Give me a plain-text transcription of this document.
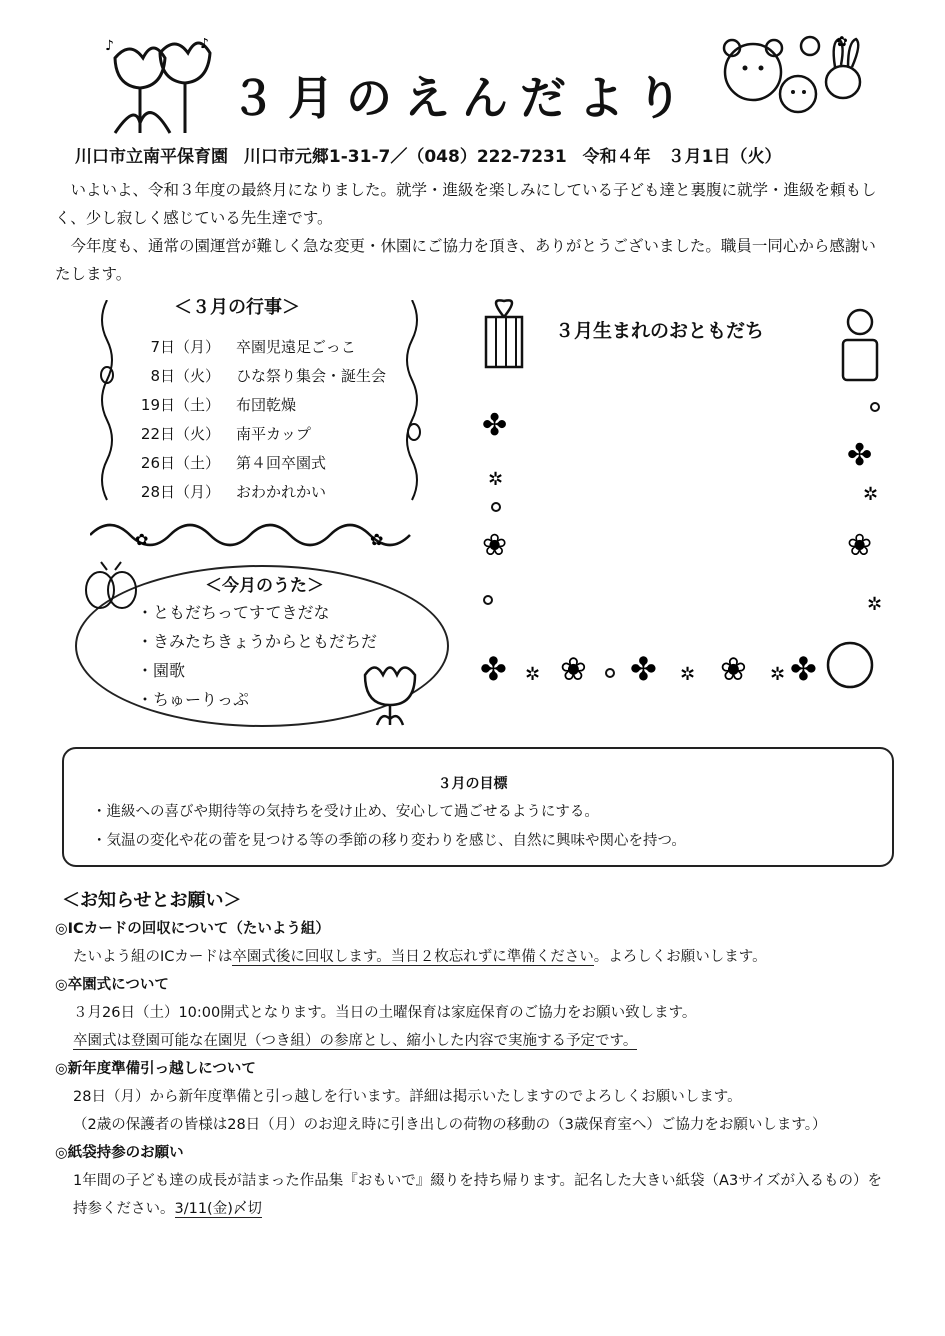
♪	♪	✿
３月のえんだより
川口市立南平保育園 川口市元郷1-31-7／（048）222-7231 令和４年　３月1日（火）

　いよいよ、令和３年度の最終月になりました。就学・進級を楽しみにしている子ども達と裏腹に就学・進級を頼もしく、少し寂しく感じている先生達です。

　今年度も、通常の園運営が難しく急な変更・休園にご協力を頂き、ありがとうございました。職員一同心から感謝いたします。

＜３月の行事＞
7日（月）	卒園児遠足ごっこ
8日（火）	ひな祭り集会・誕生会
19日（土）	布団乾燥
22日（火）	南平カップ
26日（土）	第４回卒園式
28日（月）	おわかれかい
✿	✿
３月生まれのおともだち
✤
✲
❀
✤
✲
❀
✲
✤ ✲ ❀ ✤ ✲ ❀ ✲ ✤
＜今月のうた＞
・ともだちってすてきだな
・きみたちきょうからともだちだ
・園歌
・ちゅーりっぷ
３月の目標
・進級への喜びや期待等の気持ちを受け止め、安心して過ごせるようにする。
・気温の変化や花の蕾を見つける等の季節の移り変わりを感じ、自然に興味や関心を持つ。
＜お知らせとお願い＞
◎ICカードの回収について（たいよう組）
たいよう組のICカードは卒園式後に回収します。当日２枚忘れずに準備ください。よろしくお願いします。
◎卒園式について
３月26日（土）10:00開式となります。当日の土曜保育は家庭保育のご協力をお願い致します。
卒園式は登園可能な在園児（つき組）の参席とし、縮小した内容で実施する予定です。
◎新年度準備引っ越しについて
28日（月）から新年度準備と引っ越しを行います。詳細は掲示いたしますのでよろしくお願いします。
（2歳の保護者の皆様は28日（月）のお迎え時に引き出しの荷物の移動の（3歳保育室へ）ご協力をお願いします。）
◎紙袋持参のお願い
1年間の子ども達の成長が詰まった作品集『おもいで』綴りを持ち帰ります。記名した大きい紙袋（A3サイズが入るもの）を持参ください。3/11(金)〆切
